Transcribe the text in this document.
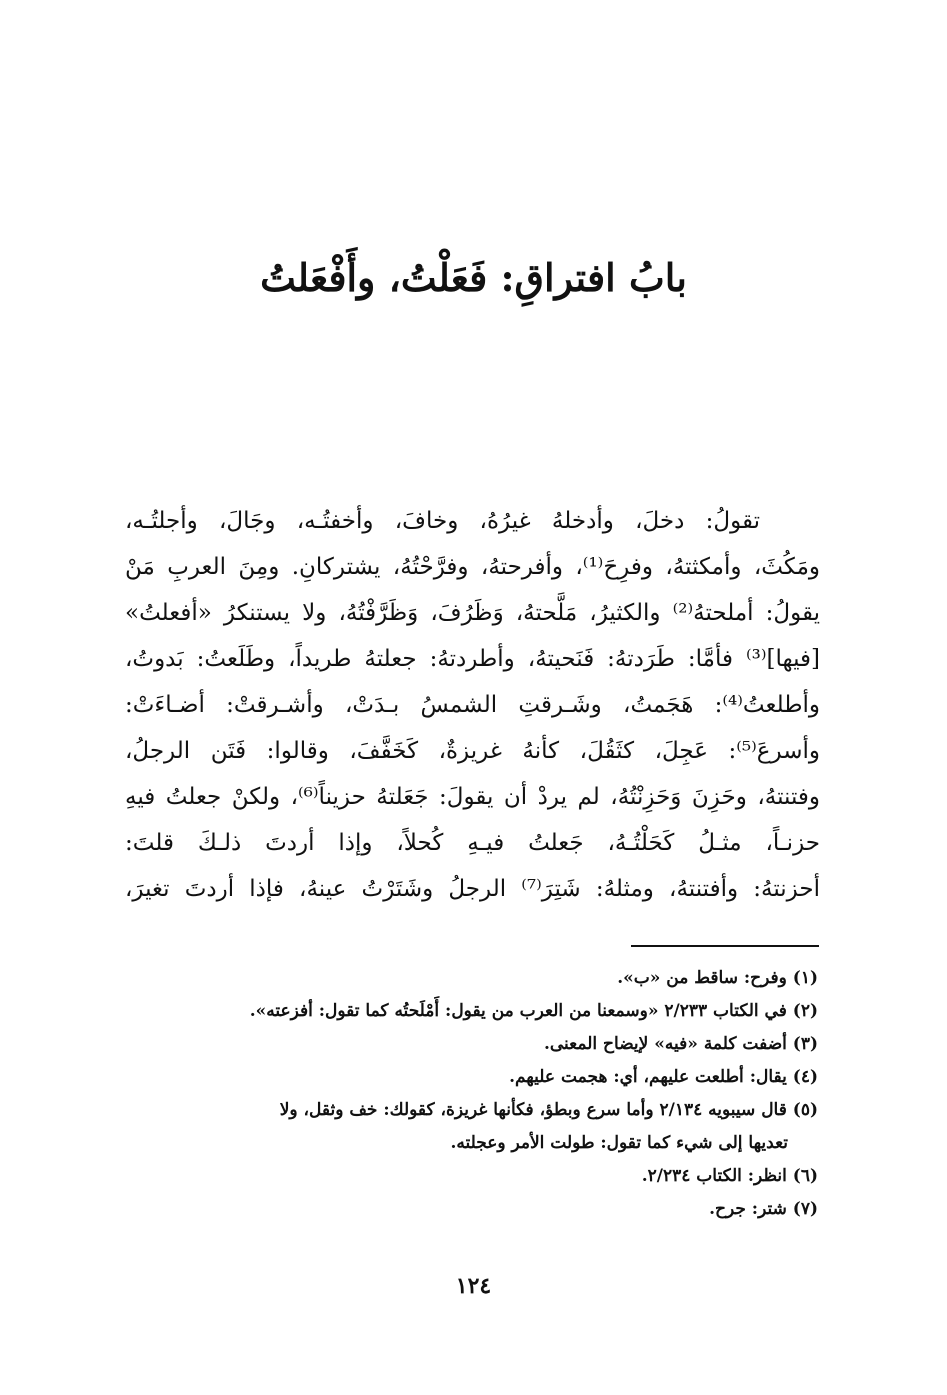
بابُ افتراقِ: فَعَلْتُ، وأَفْعَلتُ
تقولُ: دخلَ، وأدخلهُ غيرُهُ، وخافَ، وأخفتُـه، وجَالَ، وأجلتُـه،
ومَكُثَ، وأمكثتهُ، وفرِحَ⁽¹⁾، وأفرحتهُ، وفرَّحْتُهُ، يشتركانِ. ومِنَ العربِ مَنْ
يقولُ: أملحتهُ⁽²⁾ والكثيرُ، مَلَّحتهُ، وَظَرُفَ، وَظَرَّفْتُهُ، ولا يستنكرُ «أفعلتُ»
[فيها]⁽³⁾ فأمَّا: طَرَدتهُ: فَنَحيتهُ، وأطردتهُ: جعلتهُ طريداً، وطَلَعتُ: بَدوتُ،
وأطلعتُ⁽⁴⁾: هَجَمتُ، وشَـرقتِ الشمسُ بـدَتْ، وأشـرقتْ: أضـاءَتْ:
وأسرعَ⁽⁵⁾: عَجِلَ، كثَقُلَ، كأنهُ غريزةٌ، كَخَفَّفَ، وقالوا: فَتَن الرجلُ،
وفتنتهُ، وحَزِنَ وَحَزِنْتُهُ، لم يردْ أن يقولَ: جَعَلتهُ حزيناً⁽⁶⁾، ولكنْ جعلتُ فيهِ
حزنـاً، مثـلُ كَحَلْتُـهُ، جَعلتُ فيـهِ كُحلاً، وإذا أردتَ ذلـكَ قلتَ:
أحزنتهُ: وأفتنتهُ، ومثلهُ: شَتِرَ⁽⁷⁾ الرجلُ وشَتَرْتُ عينهُ، فإذا أردتَ تغيرَ،
(١) وفرح: ساقط من «ب».
(٢) في الكتاب ٢/٢٣٣ «وسمعنا من العرب من يقول: أَمْلَحتُه كما تقول: أفزعته».
(٣) أضفت كلمة «فيه» لإيضاح المعنى.
(٤) يقال: أطلعت عليهم، أي: هجمت عليهم.
(٥) قال سيبويه ٢/١٣٤ وأما سرع وبطؤ، فكأنها غريزة، كقولك: خف وثقل، ولا
تعديها إلى شيء كما تقول: طولت الأمر وعجلته.
(٦) انظر: الكتاب ٢/٢٣٤.
(٧) شتر: جرح.
١٢٤
